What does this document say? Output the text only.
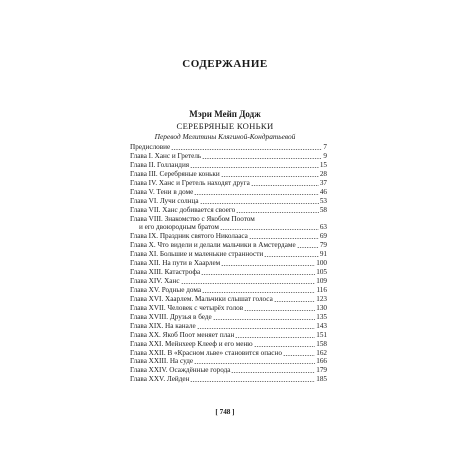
СОДЕРЖАНИЕ
Мэри Мейп Додж
СЕРЕБРЯНЫЕ КОНЬКИ
Перевод Мелитины Клягиной-Кондратьевой
Предисловие	7
Глава I. Ханс и Гретель	9
Глава II. Голландия	15
Глава III. Серебряные коньки	28
Глава IV. Ханс и Гретель находят друга	37
Глава V. Тени в доме	46
Глава VI. Лучи солнца	53
Глава VII. Ханс добивается своего	58
Глава VIII. Знакомство с Якобом Поотом
и его двоюродным братом	63
Глава IX. Праздник святого Николааса	69
Глава X. Что видели и делали мальчики в Амстердаме	79
Глава XI. Большие и маленькие странности	91
Глава XII. На пути в Хаарлем	100
Глава XIII. Катастрофа	105
Глава XIV. Ханс	109
Глава XV. Родные дома	116
Глава XVI. Хаарлем. Мальчики слышат голоса	123
Глава XVII. Человек с четырёх голов	130
Глава XVIII. Друзья в беде	135
Глава XIX. На канале	143
Глава XX. Якоб Поот меняет план	151
Глава XXI. Мейнхеер Клееф и его меню	158
Глава XXII. В «Красном льве» становится опасно	162
Глава XXIII. На суде	166
Глава XXIV. Осаждённые города	179
Глава XXV. Лейден	185
[ 748 ]
